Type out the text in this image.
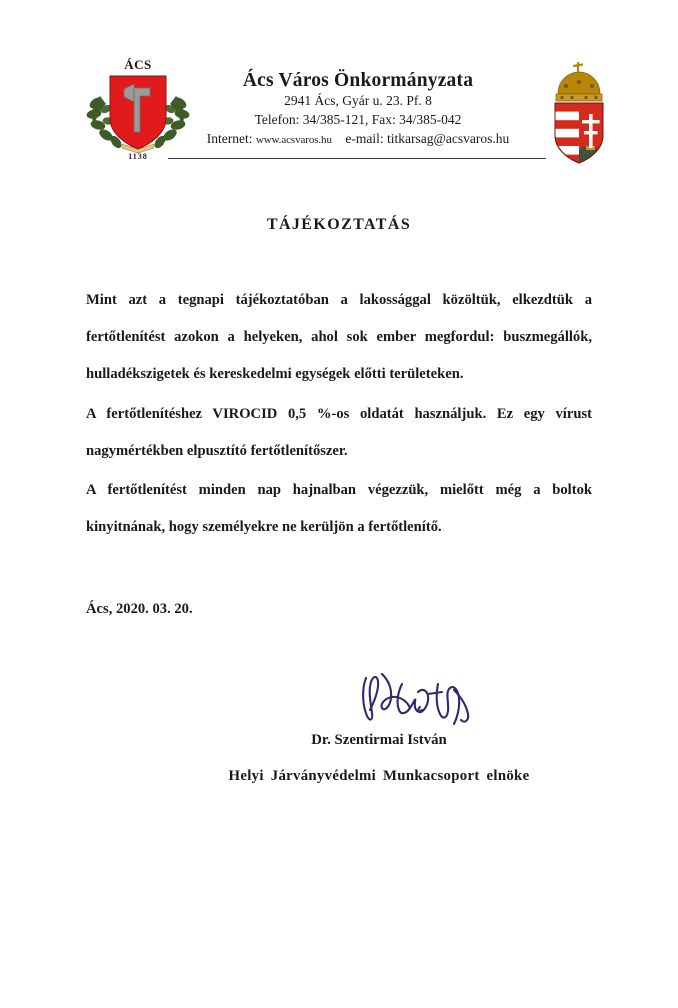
ÁCS
1138
Ács Város Önkormányzata
2941 Ács, Gyár u. 23. Pf. 8
Telefon: 34/385-121, Fax: 34/385-042
Internet: www.acsvaros.hu e-mail: titkarsag@acsvaros.hu
TÁJÉKOZTATÁS

Mint azt a tegnapi tájékoztatóban a lakossággal közöltük, elkezdtük a fertőtlenítést azokon a helyeken, ahol sok ember megfordul: buszmegállók, hulladékszigetek és kereskedelmi egységek előtti területeken.

A fertőtlenítéshez VIROCID 0,5 %-os oldatát használjuk. Ez egy vírust nagymértékben elpusztító fertőtlenítőszer.

A fertőtlenítést minden nap hajnalban végezzük, mielőtt még a boltok kinyitnának, hogy személyekre ne kerüljön a fertőtlenítő.

Ács, 2020. 03. 20.
Dr. Szentirmai István
Helyi Járványvédelmi Munkacsoport elnöke
